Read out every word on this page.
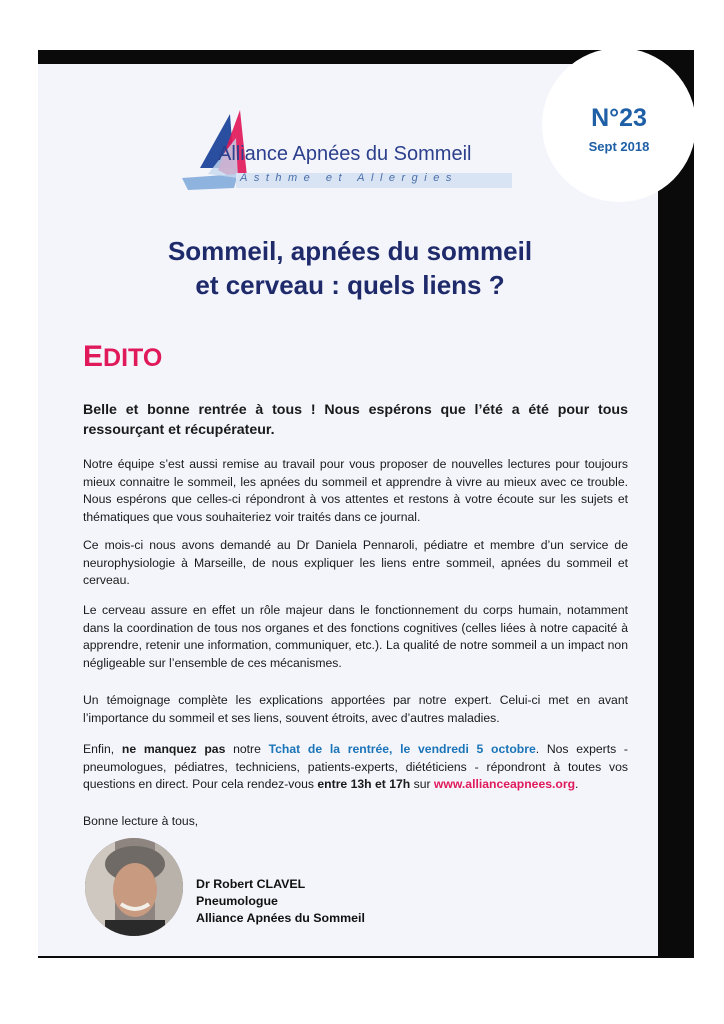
N°23
Sept 2018
Alliance Apnées du Sommeil
Asthme et Allergies
Sommeil, apnées du sommeil
et cerveau : quels liens ?
EDITO
Belle et bonne rentrée à tous ! Nous espérons que l’été a été pour tous ressourçant et récupérateur.
Notre équipe s’est aussi remise au travail pour vous proposer de nouvelles lectures pour toujours mieux connaitre le sommeil, les apnées du sommeil et apprendre à vivre au mieux avec ce trouble. Nous espérons que celles-ci répondront à vos attentes et restons à votre écoute sur les sujets et thématiques que vous souhaiteriez voir traités dans ce journal.
Ce mois-ci nous avons demandé au Dr Daniela Pennaroli, pédiatre et membre d’un service de neurophysiologie à Marseille, de nous expliquer les liens entre sommeil, apnées du sommeil et cerveau.
Le cerveau assure en effet un rôle majeur dans le fonctionnement du corps humain, notamment dans la coordination de tous nos organes et des fonctions cognitives (celles liées à notre capacité à apprendre, retenir une information, communiquer, etc.). La qualité de notre sommeil a un impact non négligeable sur l’ensemble de ces mécanismes.
Un témoignage complète les explications apportées par notre expert. Celui-ci met en avant l’importance du sommeil et ses liens, souvent étroits, avec d’autres maladies.
Enfin, ne manquez pas notre Tchat de la rentrée, le vendredi 5 octobre. Nos experts - pneumologues, pédiatres, techniciens, patients-experts, diététiciens - répondront à toutes vos questions en direct. Pour cela rendez-vous entre 13h et 17h sur www.allianceapnees.org.
Bonne lecture à tous,
Dr Robert CLAVEL
Pneumologue
Alliance Apnées du Sommeil
